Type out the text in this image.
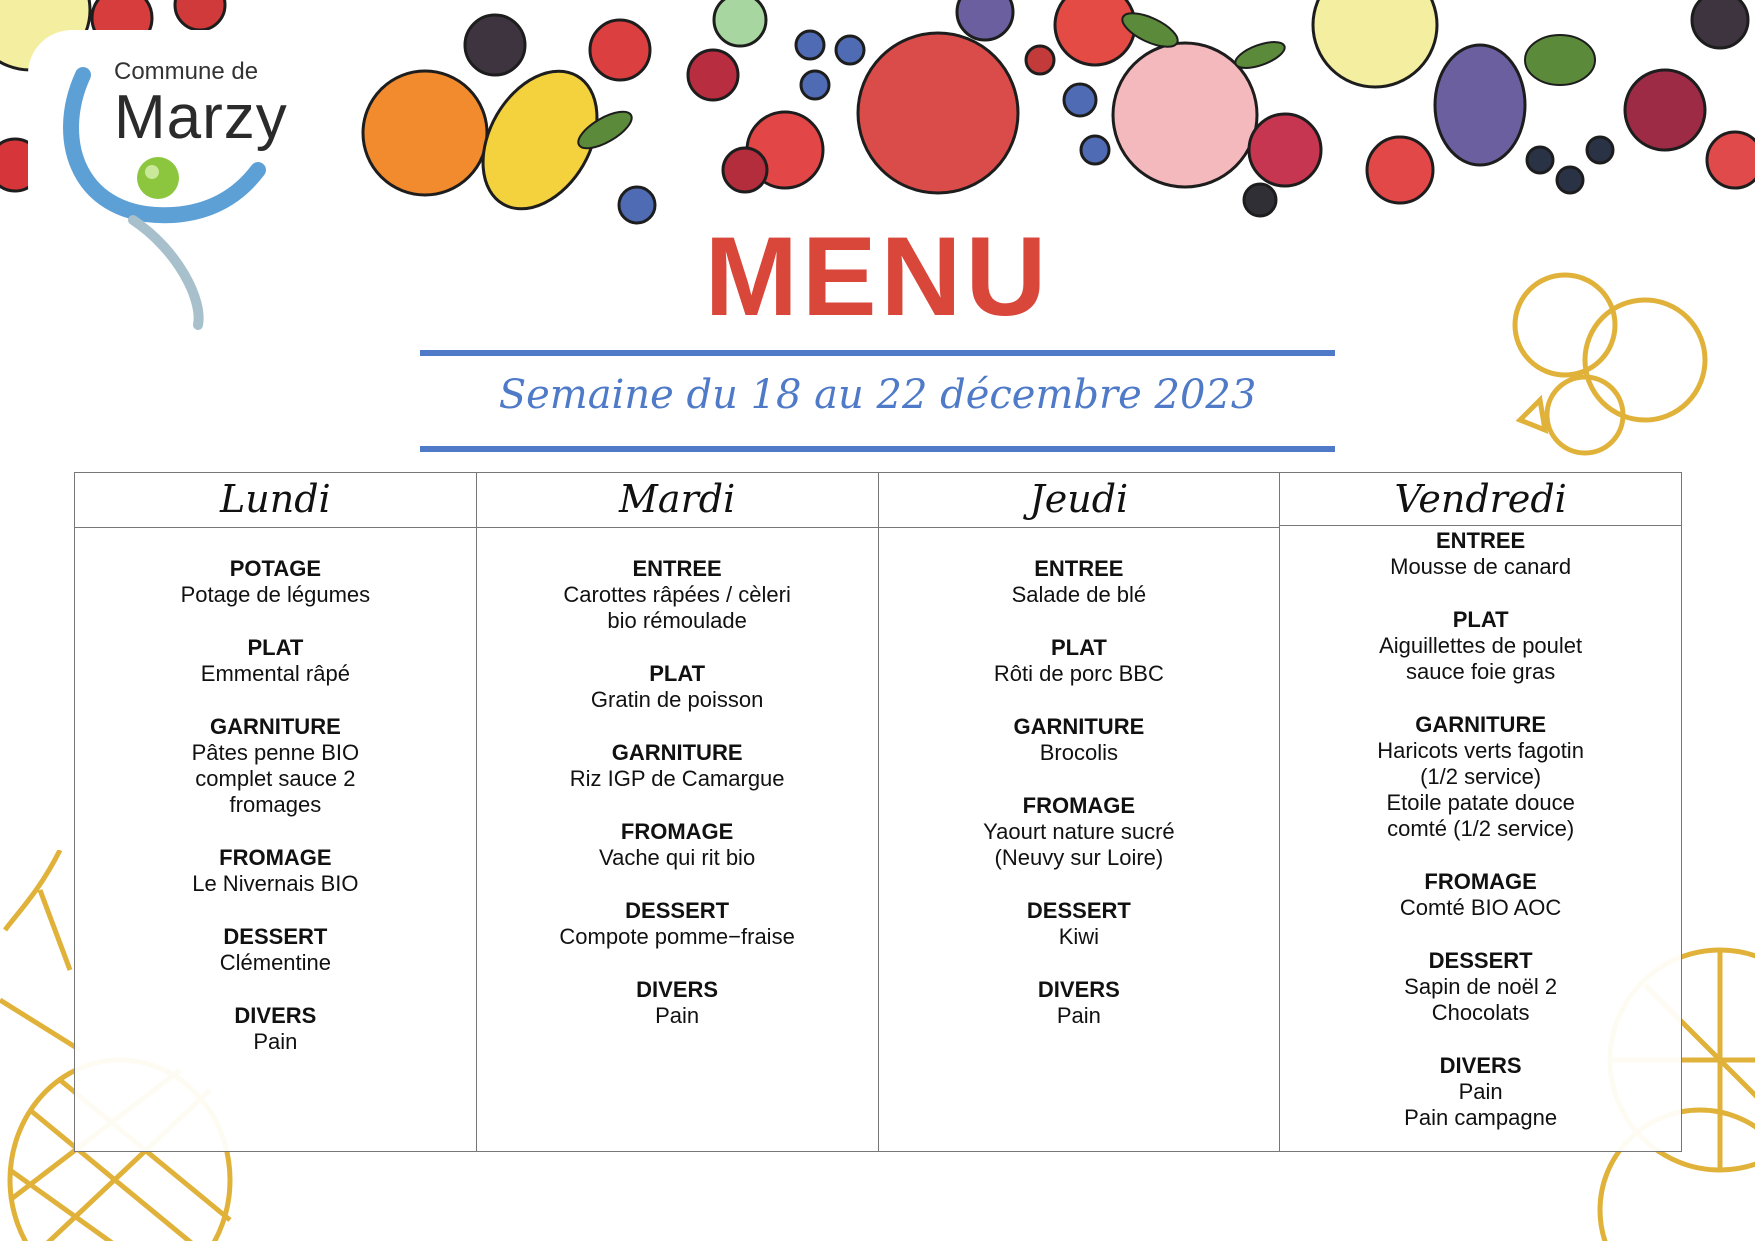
Commune de
Marzy
MENU
Semaine du 18 au 22 décembre 2023
Lundi
POTAGE
Potage de légumes
PLAT
Emmental râpé
GARNITURE
Pâtes penne BIO
complet sauce 2
fromages
FROMAGE
Le Nivernais BIO
DESSERT
Clémentine
DIVERS
Pain
Mardi
ENTREE
Carottes râpées / cèleri
bio rémoulade
PLAT
Gratin de poisson
GARNITURE
Riz IGP de Camargue
FROMAGE
Vache qui rit bio
DESSERT
Compote pomme−fraise
DIVERS
Pain
Jeudi
ENTREE
Salade de blé
PLAT
Rôti de porc BBC
GARNITURE
Brocolis
FROMAGE
Yaourt nature sucré
(Neuvy sur Loire)
DESSERT
Kiwi
DIVERS
Pain
Vendredi
ENTREE
Mousse de canard
PLAT
Aiguillettes de poulet
sauce foie gras
GARNITURE
Haricots verts fagotin
(1/2 service)
Etoile patate douce
comté (1/2 service)
FROMAGE
Comté BIO AOC
DESSERT
Sapin de noël 2
Chocolats
DIVERS
Pain
Pain campagne
